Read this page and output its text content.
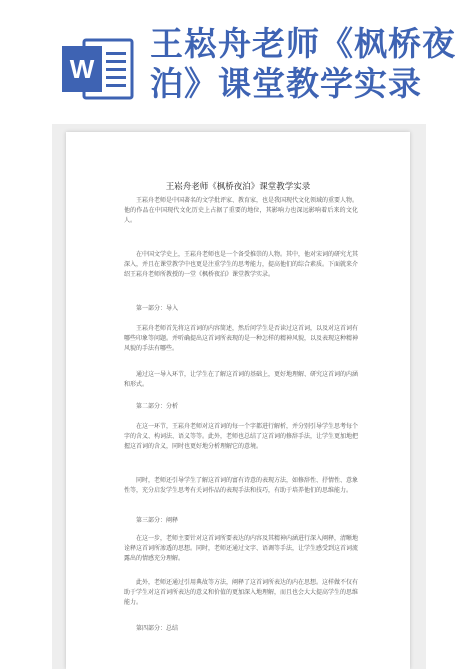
W
王崧舟老师《枫桥夜泊》课堂教学实录
王崧舟老师《枫桥夜泊》课堂教学实录

王崧舟老师是中国著名的文学批评家、教育家，也是我国现代文化领域的重要人物。他的作品在中国现代文化历史上占据了重要的地位，其影响力也深远影响着后来的文化人。

在中国文学史上，王崧舟老师也是一个备受推崇的人物。其中，他对宋词的研究尤其深入，并且在课堂教学中也更是注重学生的思考能力，提高他们的综合素质。下面就来介绍王崧舟老师所教授的一堂《枫桥夜泊》课堂教学实录。

第一部分：导入

王崧舟老师首先将这首词的内容简述，然后问学生是否读过这首词，以及对这首词有哪些印象等问题。并听确提出这首词所表现的是一种怎样的精神风貌，以及表现这种精神风貌的手法有哪些。

通过这一导入环节，让学生在了解这首词的基础上，更好地理解、研究这首词的内涵和形式。

第二部分：分析

在这一环节，王崧舟老师对这首词的每一个字都进行解析，并分别引导学生思考每个字的含义、构词法、语义等等。此外，老师也总结了这首词的修辞手法，让学生更加地把握这首词的含义，同时也更好地分析理解它的意境。

同时，老师还引导学生了解这首词的富有诗意的表现方法，如修辞性、抒情性、意象性等，充分启发学生思考有关词作品的表现手法和技巧，有助于培养他们的思维能力。

第三部分：阐释

在这一步，老师主要针对这首词所要表达的内容及其精神内涵进行深入阐释，清晰地诠释这首词所渗透的思想。同时，老师还通过文字、语调等手法，让学生感受到这首词流露出的情感充分理解。

此外，老师还通过引用典故等方法，阐释了这首词所表达的内在思想。这样做不仅有助于学生对这首词所表达的意义和价值的更加深入地理解，而且也会大大提高学生的思维能力。

第四部分：总结
